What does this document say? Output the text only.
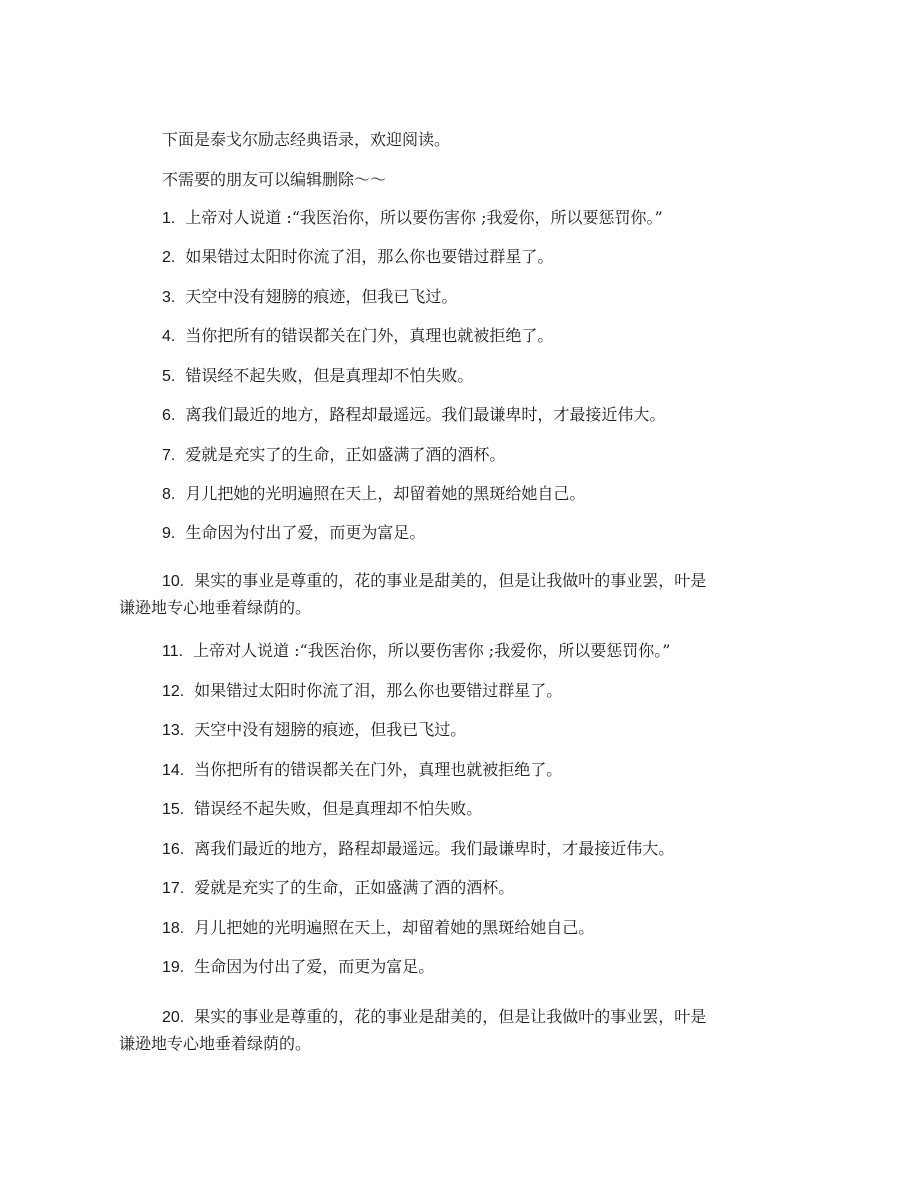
下面是泰戈尔励志经典语录，欢迎阅读。
不需要的朋友可以编辑删除～～
1. 上帝对人说道 :“我医治你，所以要伤害你 ;我爱你，所以要惩罚你。”
2. 如果错过太阳时你流了泪，那么你也要错过群星了。
3. 天空中没有翅膀的痕迹，但我已飞过。
4. 当你把所有的错误都关在门外，真理也就被拒绝了。
5. 错误经不起失败，但是真理却不怕失败。
6. 离我们最近的地方，路程却最遥远。我们最谦卑时，才最接近伟大。
7. 爱就是充实了的生命，正如盛满了酒的酒杯。
8. 月儿把她的光明遍照在天上，却留着她的黑斑给她自己。
9. 生命因为付出了爱，而更为富足。
10. 果实的事业是尊重的，花的事业是甜美的，但是让我做叶的事业罢，叶是
谦逊地专心地垂着绿荫的。
11. 上帝对人说道 :“我医治你，所以要伤害你 ;我爱你，所以要惩罚你。”
12. 如果错过太阳时你流了泪，那么你也要错过群星了。
13. 天空中没有翅膀的痕迹，但我已飞过。
14. 当你把所有的错误都关在门外，真理也就被拒绝了。
15. 错误经不起失败，但是真理却不怕失败。
16. 离我们最近的地方，路程却最遥远。我们最谦卑时，才最接近伟大。
17. 爱就是充实了的生命，正如盛满了酒的酒杯。
18. 月儿把她的光明遍照在天上，却留着她的黑斑给她自己。
19. 生命因为付出了爱，而更为富足。
20. 果实的事业是尊重的，花的事业是甜美的，但是让我做叶的事业罢，叶是
谦逊地专心地垂着绿荫的。
